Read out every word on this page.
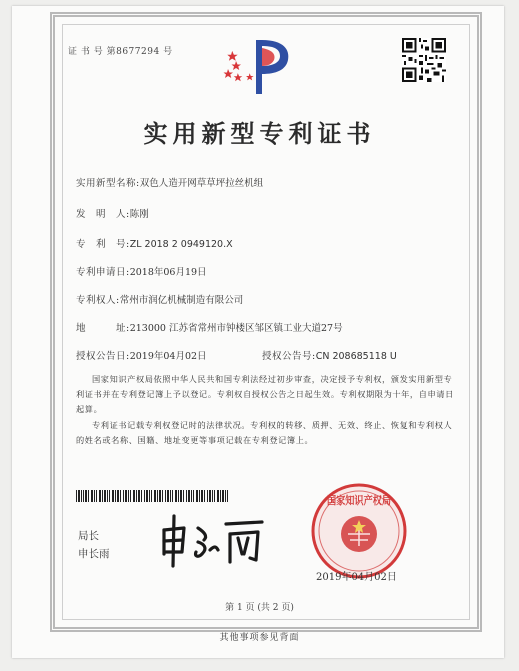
证 书 号 第8677294 号
实用新型专利证书
实用新型名称:双色人造开网草草坪拉丝机组
发　明　人:陈刚
专　利　号:ZL 2018 2 0949120.X
专利申请日:2018年06月19日
专利权人:常州市润亿机械制造有限公司
地　　　址:213000 江苏省常州市钟楼区邹区镇工业大道27号
授权公告日:2019年04月02日	授权公告号:CN 208685118 U
国家知识产权局依照中华人民共和国专利法经过初步审查，决定授予专利权，颁发实用新型专利证书并在专利登记簿上予以登记。专利权自授权公告之日起生效。专利权期限为十年，自申请日起算。
专利证书记载专利权登记时的法律状况。专利权的转移、质押、无效、终止、恢复和专利权人的姓名或名称、国籍、地址变更等事项记载在专利登记簿上。
局长
申长雨
国家知识产权局
2019年04月02日
第 1 页 (共 2 页)
其他事项参见背面
